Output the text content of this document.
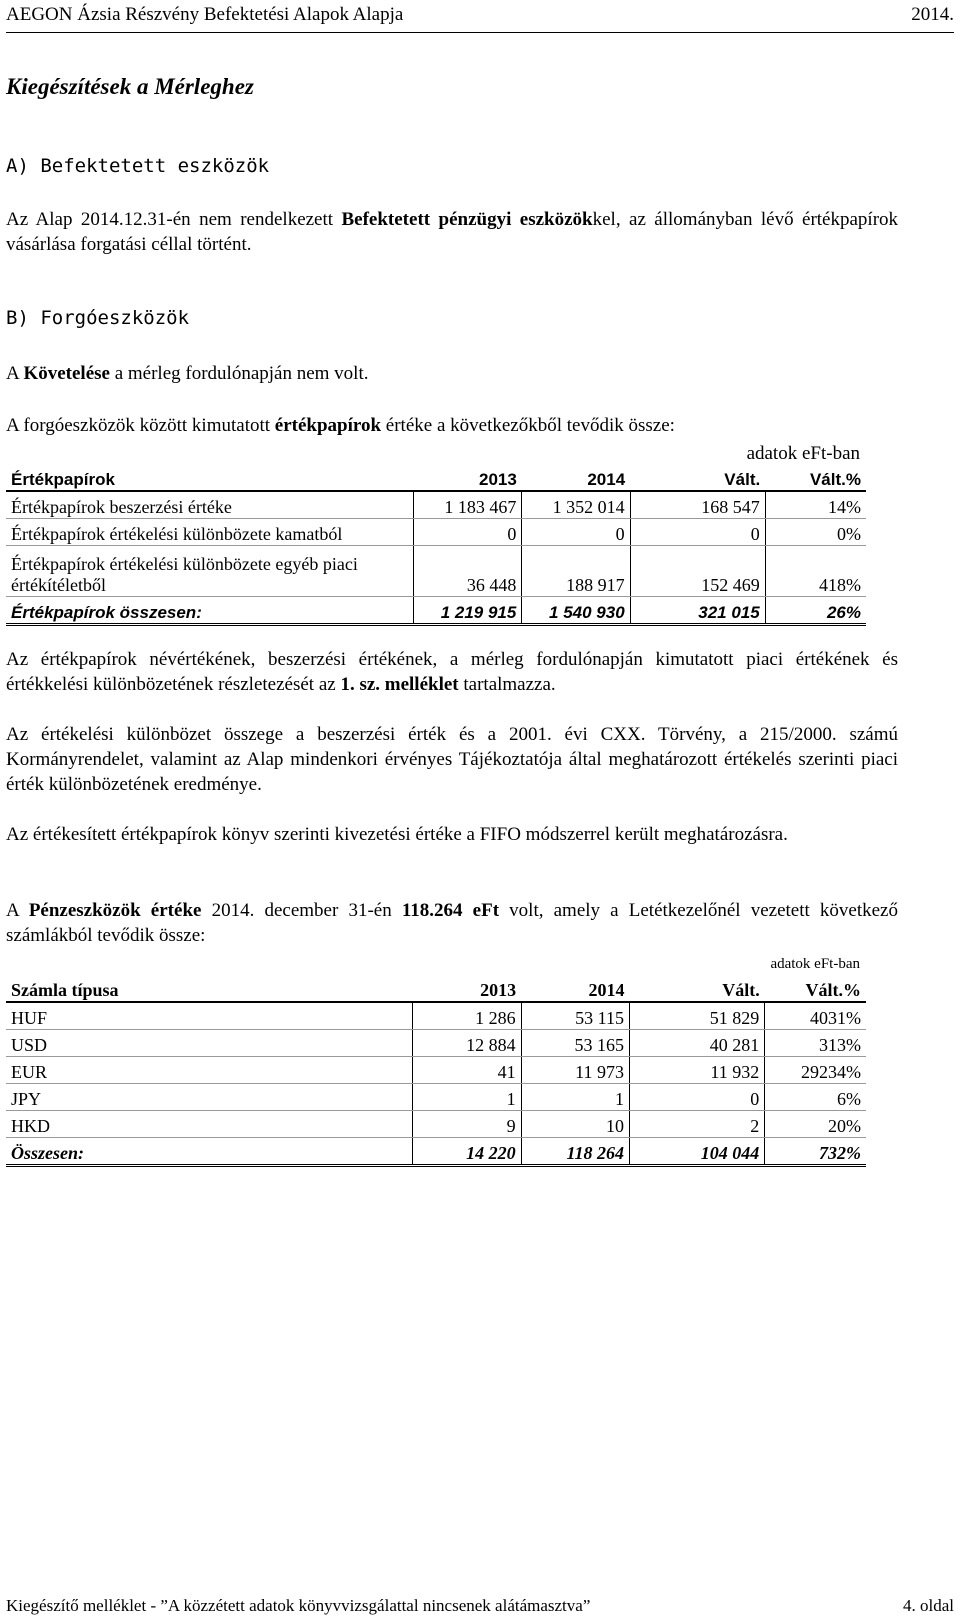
AEGON Ázsia Részvény Befektetési Alapok Alapja	2014.
Kiegészítések a Mérleghez
A) Befektetett eszközök
Az Alap 2014.12.31-én nem rendelkezett Befektetett pénzügyi eszközökkel, az állományban lévő értékpapírok vásárlása forgatási céllal történt.
B) Forgóeszközök
A Követelése a mérleg fordulónapján nem volt.
A forgóeszközök között kimutatott értékpapírok értéke a következőkből tevődik össze:
adatok eFt-ban
Értékpapírok	2013	2014	Vált.	Vált.%
Értékpapírok beszerzési értéke	1 183 467	1 352 014	168 547	14%
Értékpapírok értékelési különbözete kamatból	0	0	0	0%
Értékpapírok értékelési különbözete egyéb piaci értékítéletből	36 448	188 917	152 469	418%
Értékpapírok összesen:	1 219 915	1 540 930	321 015	26%
Az értékpapírok névértékének, beszerzési értékének, a mérleg fordulónapján kimutatott piaci értékének és értékkelési különbözetének részletezését az 1. sz. melléklet tartalmazza.
Az értékelési különbözet összege a beszerzési érték és a 2001. évi CXX. Törvény, a 215/2000. számú Kormányrendelet, valamint az Alap mindenkori érvényes Tájékoztatója által meghatározott értékelés szerinti piaci érték különbözetének eredménye.
Az értékesített értékpapírok könyv szerinti kivezetési értéke a FIFO módszerrel került meghatározásra.
A Pénzeszközök értéke 2014. december 31-én 118.264 eFt volt, amely a Letétkezelőnél vezetett következő számlákból tevődik össze:
adatok eFt-ban
Számla típusa	2013	2014	Vált.	Vált.%
HUF	1 286	53 115	51 829	4031%
USD	12 884	53 165	40 281	313%
EUR	41	11 973	11 932	29234%
JPY	1	1	0	6%
HKD	9	10	2	20%
Összesen:	14 220	118 264	104 044	732%
Kiegészítő melléklet - ”A közzétett adatok könyvvizsgálattal nincsenek alátámasztva”	4. oldal
